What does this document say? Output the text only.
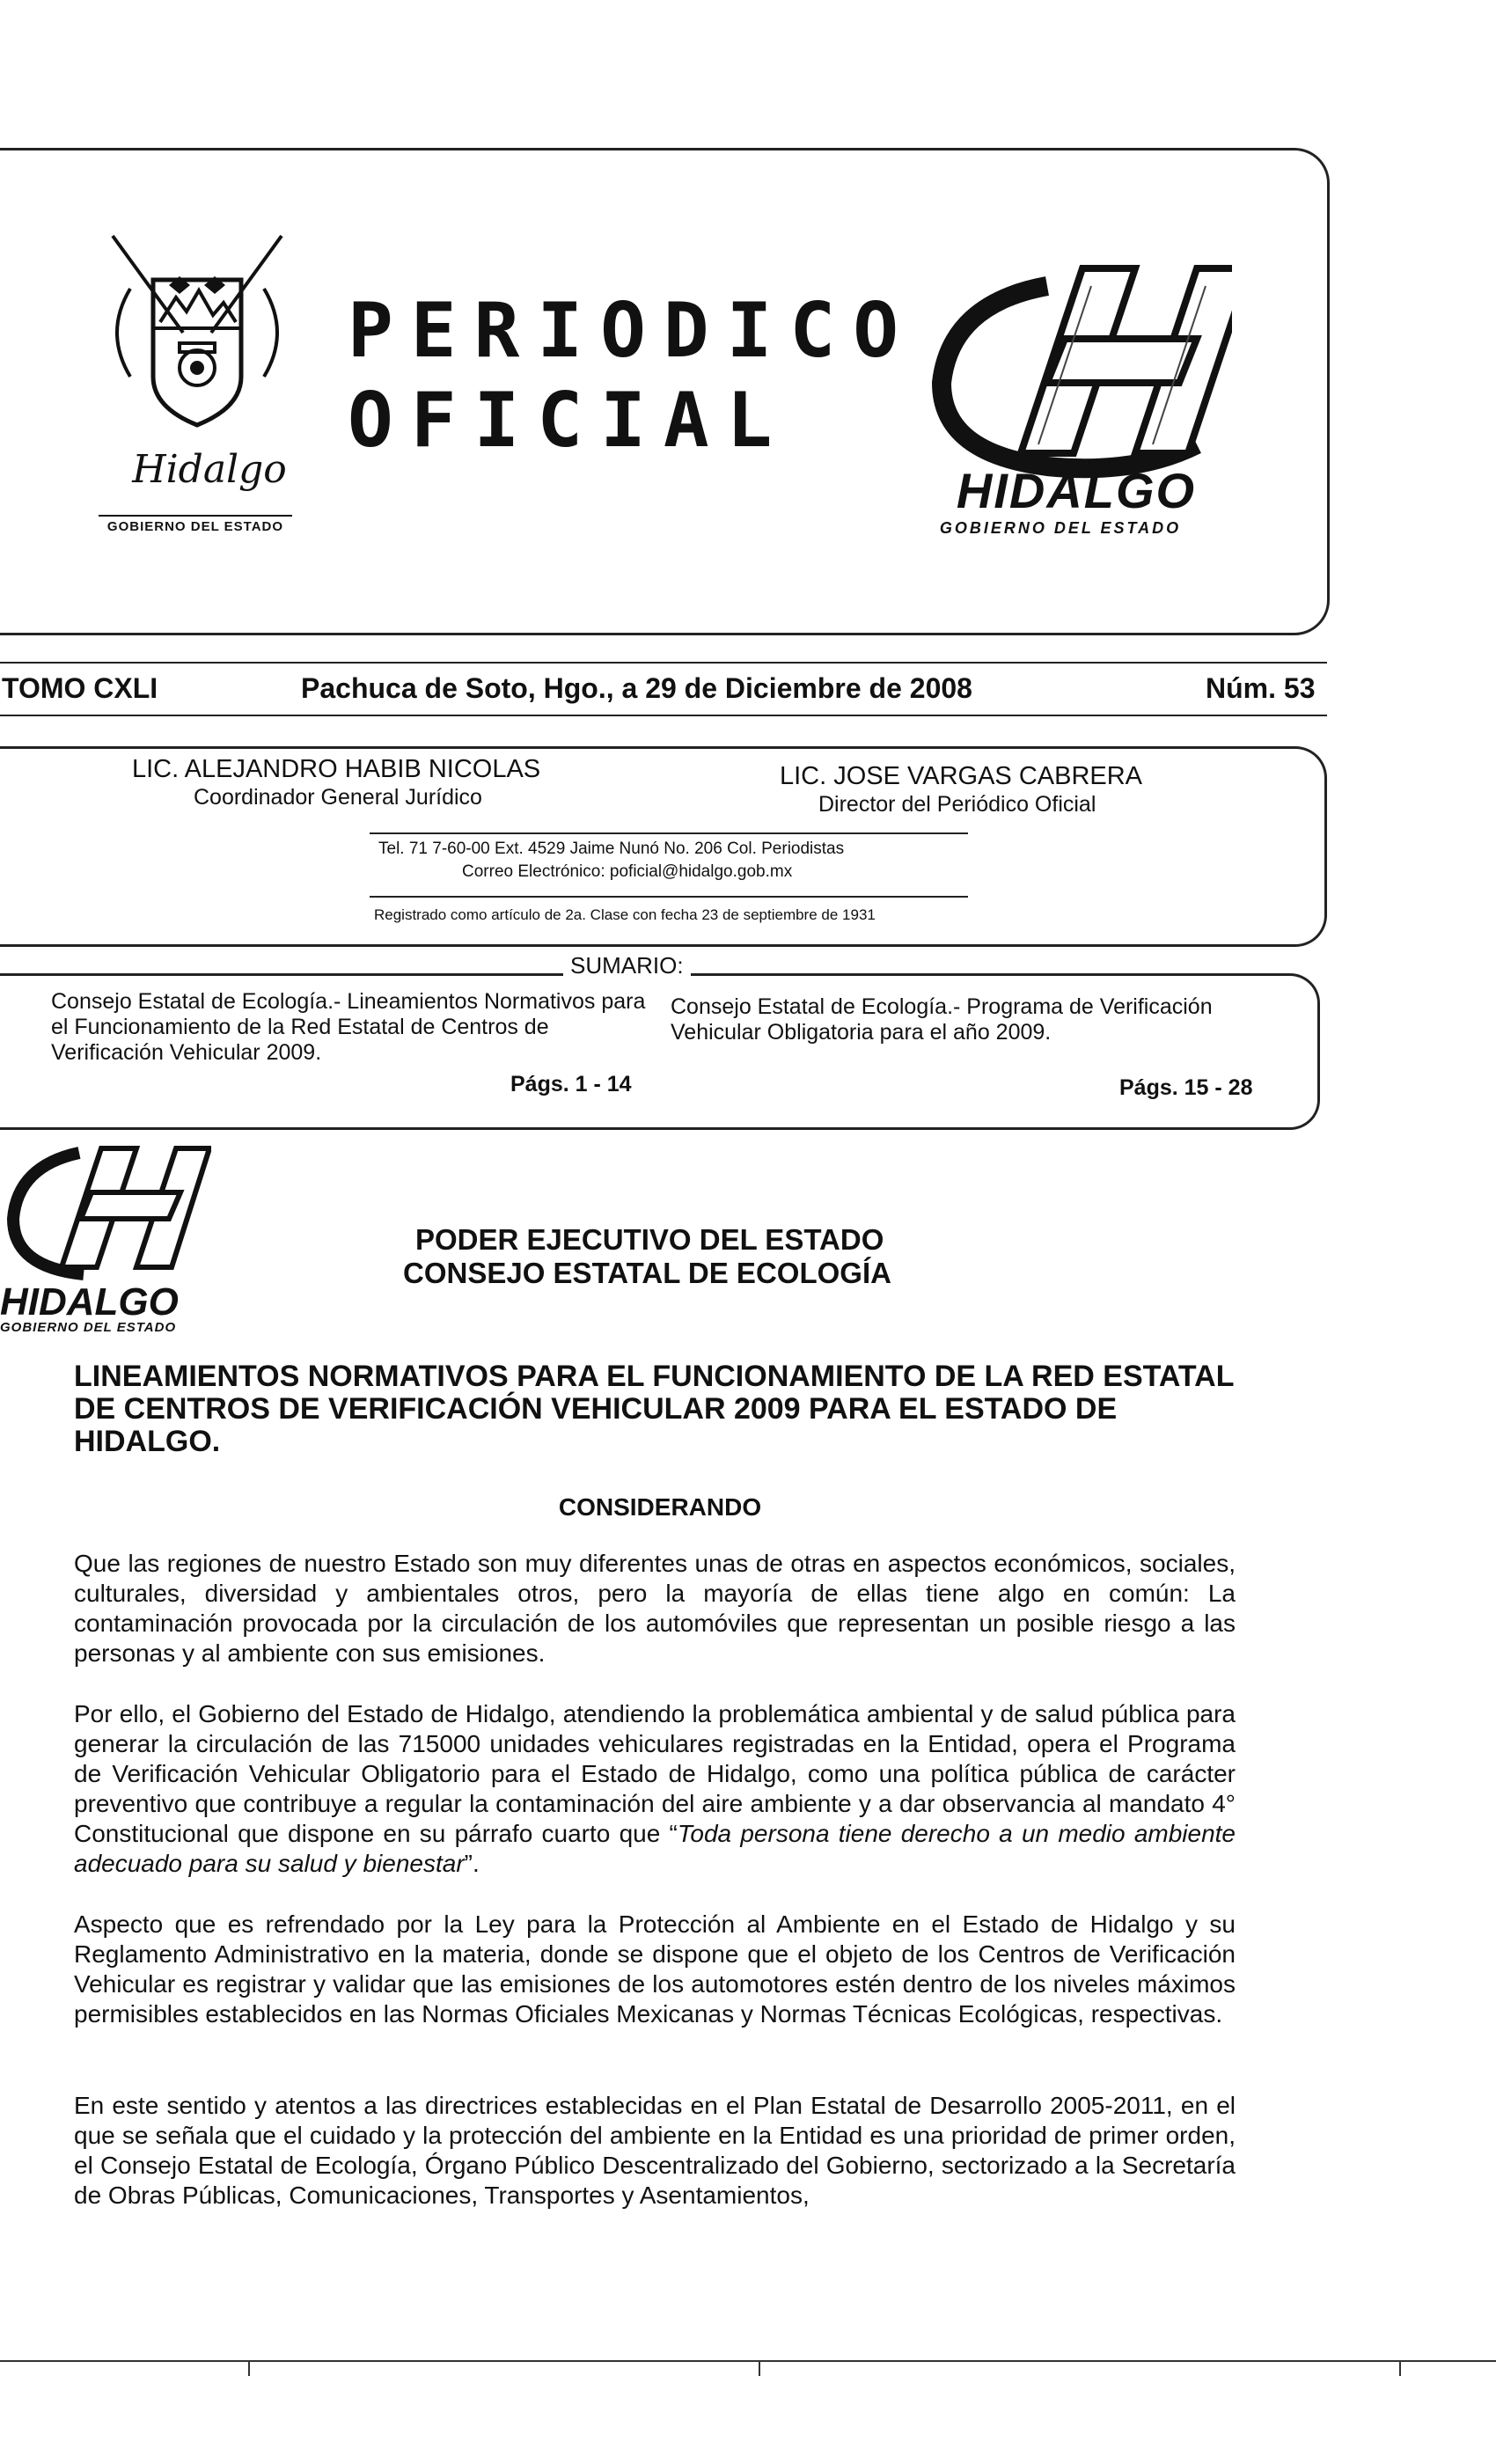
Hidalgo
GOBIERNO DEL ESTADO
PERIODICO
OFICIAL
HIDALGO
GOBIERNO DEL ESTADO
TOMO CXLI	Pachuca de Soto, Hgo., a 29 de Diciembre de 2008	Núm. 53
LIC. ALEJANDRO HABIB NICOLAS
Coordinador General Jurídico
LIC. JOSE VARGAS CABRERA
Director del Periódico Oficial
Tel. 71 7-60-00 Ext. 4529 Jaime Nunó No. 206 Col. Periodistas
Correo Electrónico: poficial@hidalgo.gob.mx
Registrado como artículo de 2a. Clase con fecha 23 de septiembre de 1931
SUMARIO:
Consejo Estatal de Ecología.- Lineamientos Normativos para el Funcionamiento de la Red Estatal de Centros de Verificación Vehicular 2009.
Págs. 1 - 14
Consejo Estatal de Ecología.- Programa de Verificación Vehicular Obligatoria para el año 2009.
Págs. 15 - 28
HIDALGO
GOBIERNO DEL ESTADO
PODER EJECUTIVO DEL ESTADO
CONSEJO ESTATAL DE ECOLOGÍA
LINEAMIENTOS NORMATIVOS PARA EL FUNCIONAMIENTO DE LA RED ESTATAL DE CENTROS DE VERIFICACIÓN VEHICULAR 2009 PARA EL ESTADO DE HIDALGO.
CONSIDERANDO
Que las regiones de nuestro Estado son muy diferentes unas de otras en aspectos económicos, sociales, culturales, diversidad y ambientales otros, pero la mayoría de ellas tiene algo en común: La contaminación provocada por la circulación de los automóviles que representan un posible riesgo a las personas y al ambiente con sus emisiones.
Por ello, el Gobierno del Estado de Hidalgo, atendiendo la problemática ambiental y de salud pública para generar la circulación de las 715000 unidades vehiculares registradas en la Entidad, opera el Programa de Verificación Vehicular Obligatorio para el Estado de Hidalgo, como una política pública de carácter preventivo que contribuye a regular la contaminación del aire ambiente y a dar observancia al mandato 4° Constitucional que dispone en su párrafo cuarto que “Toda persona tiene derecho a un medio ambiente adecuado para su salud y bienestar”.
Aspecto que es refrendado por la Ley para la Protección al Ambiente en el Estado de Hidalgo y su Reglamento Administrativo en la materia, donde se dispone que el objeto de los Centros de Verificación Vehicular es registrar y validar que las emisiones de los automotores estén dentro de los niveles máximos permisibles establecidos en las Normas Oficiales Mexicanas y Normas Técnicas Ecológicas, respectivas.
En este sentido y atentos a las directrices establecidas en el Plan Estatal de Desarrollo 2005-2011, en el que se señala que el cuidado y la protección del ambiente en la Entidad es una prioridad de primer orden, el Consejo Estatal de Ecología, Órgano Público Descentralizado del Gobierno, sectorizado a la Secretaría de Obras Públicas, Comunicaciones, Transportes y Asentamientos,
